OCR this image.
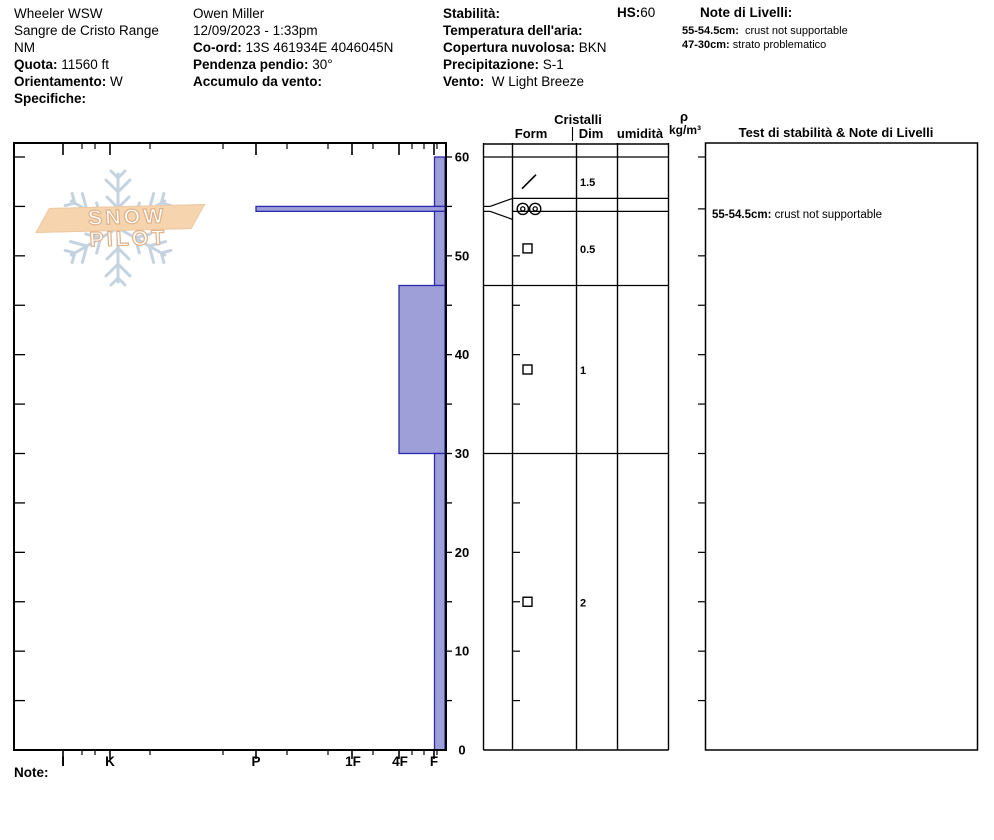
Wheeler WSW
Sangre de Cristo Range
NM
Quota: 11560 ft
Orientamento: W
Specifiche:
Owen Miller
12/09/2023 - 1:33pm
Co-ord: 13S 461934E 4046045N
Pendenza pendio: 30°
Accumulo da vento:
Stabilità:
Temperatura dell'aria:
Copertura nuvolosa: BKN
Precipitazione: S-1
Vento:  W Light Breeze
HS:60	Note di Livelli:
55-54.5cm:  crust not supportable
47-30cm: strato problematico
SNOW PILOT
60
50
40
30
20
10
0
I	K	P	1F 4F F
1.5
0.5
1
2
55-54.5cm: crust not supportable
Cristalli
Form Dim umidità
ρ
kg/m³	Test di stabilità & Note di Livelli
Note:
